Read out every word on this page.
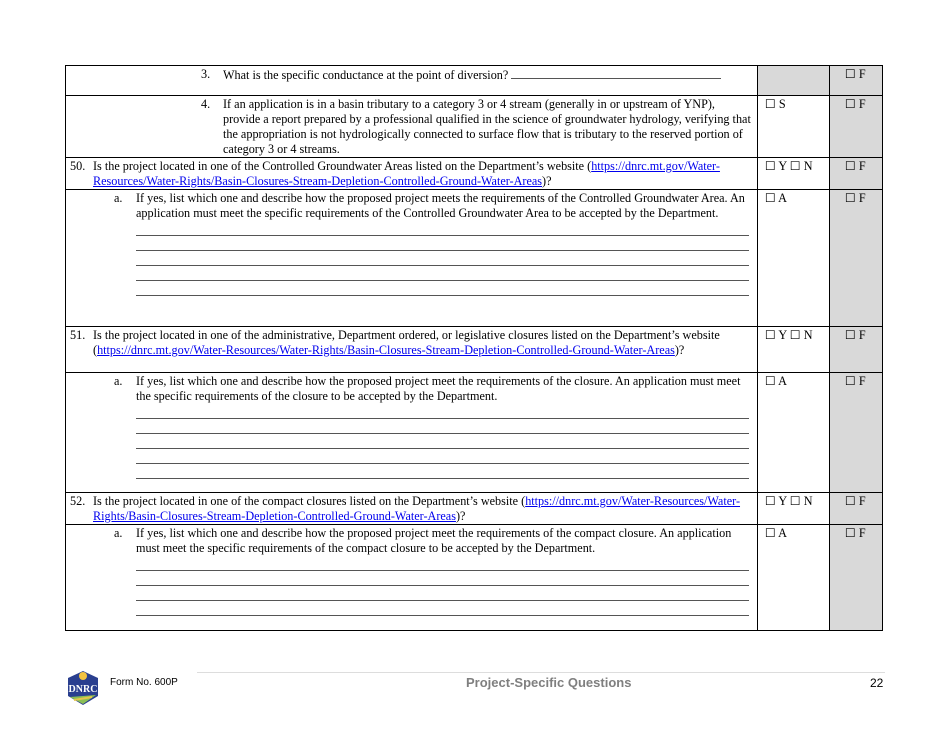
3. What is the specific conductance at the point of diversion?		☐ F

4. If an application is in a basin tributary to a category 3 or 4 stream (generally in or upstream of YNP), provide a report prepared by a professional qualified in the science of groundwater hydrology, verifying that the appropriation is not hydrologically connected to surface flow that is tributary to the reserved portion of category 3 or 4 streams.	☐ S	☐ F

50. Is the project located in one of the Controlled Groundwater Areas listed on the Department’s website (https://dnrc.mt.gov/Water-Resources/Water-Rights/Basin-Closures-Stream-Depletion-Controlled-Ground-Water-Areas)?	☐ Y ☐ N	☐ F

a. If yes, list which one and describe how the proposed project meets the requirements of the Controlled Groundwater Area. An application must meet the specific requirements of the Controlled Groundwater Area to be accepted by the Department.	☐ A	☐ F

51. Is the project located in one of the administrative, Department ordered, or legislative closures listed on the Department’s website (https://dnrc.mt.gov/Water-Resources/Water-Rights/Basin-Closures-Stream-Depletion-Controlled-Ground-Water-Areas)?	☐ Y ☐ N	☐ F

a. If yes, list which one and describe how the proposed project meet the requirements of the closure. An application must meet the specific requirements of the closure to be accepted by the Department.	☐ A	☐ F

52. Is the project located in one of the compact closures listed on the Department’s website (https://dnrc.mt.gov/Water-Resources/Water-Rights/Basin-Closures-Stream-Depletion-Controlled-Ground-Water-Areas)?	☐ Y ☐ N	☐ F

a. If yes, list which one and describe how the proposed project meet the requirements of the compact closure. An application must meet the specific requirements of the compact closure to be accepted by the Department.	☐ A	☐ F
DNRC
Form No. 600P	Project-Specific Questions	22
